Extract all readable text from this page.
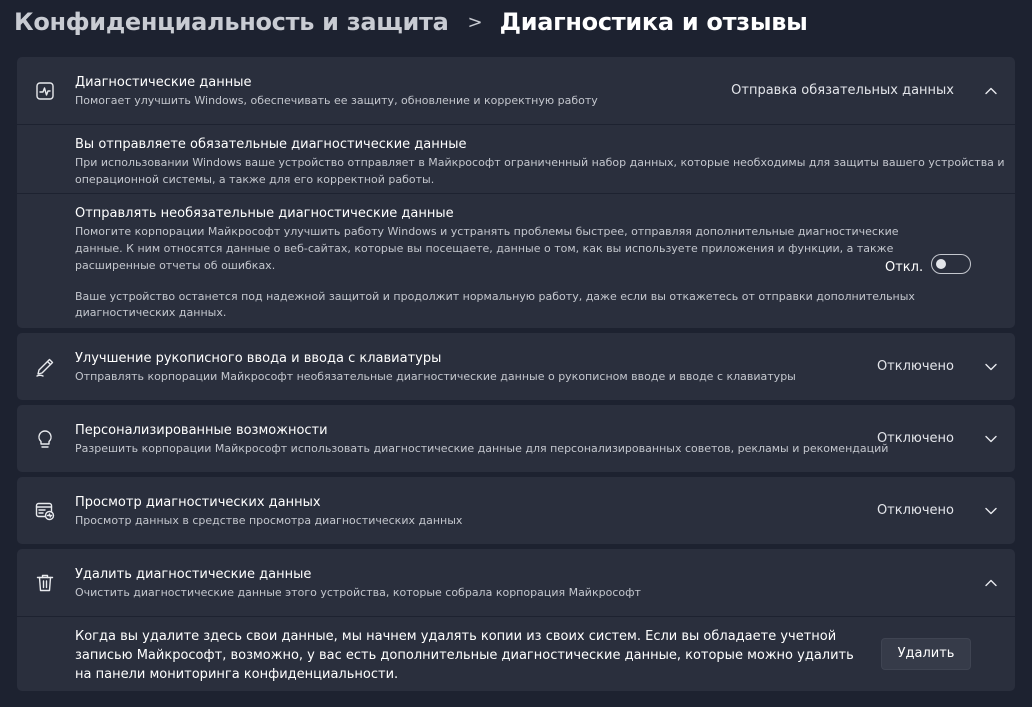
Конфиденциальность и защита > Диагностика и отзывы
Диагностические данные
Помогает улучшить Windows, обеспечивать ее защиту, обновление и корректную работу
Отправка обязательных данных
Вы отправляете обязательные диагностические данные
При использовании Windows ваше устройство отправляет в Майкрософт ограниченный набор данных, которые необходимы для защиты вашего устройства и
операционной системы, а также для его корректной работы.
Отправлять необязательные диагностические данные
Помогите корпорации Майкрософт улучшить работу Windows и устранять проблемы быстрее, отправляя дополнительные диагностические
данные. К ним относятся данные о веб-сайтах, которые вы посещаете, данные о том, как вы используете приложения и функции, а также
расширенные отчеты об ошибках.
Ваше устройство останется под надежной защитой и продолжит нормальную работу, даже если вы откажетесь от отправки дополнительных
диагностических данных.
Откл.
Улучшение рукописного ввода и ввода с клавиатуры
Отправлять корпорации Майкрософт необязательные диагностические данные о рукописном вводе и вводе с клавиатуры
Отключено
Персонализированные возможности
Разрешить корпорации Майкрософт использовать диагностические данные для персонализированных советов, рекламы и рекомендаций
Отключено
Просмотр диагностических данных
Просмотр данных в средстве просмотра диагностических данных
Отключено
Удалить диагностические данные
Очистить диагностические данные этого устройства, которые собрала корпорация Майкрософт
Когда вы удалите здесь свои данные, мы начнем удалять копии из своих систем. Если вы обладаете учетной записью Майкрософт, возможно, у вас есть дополнительные диагностические данные, которые можно удалить на панели мониторинга конфиденциальности.
Удалить
